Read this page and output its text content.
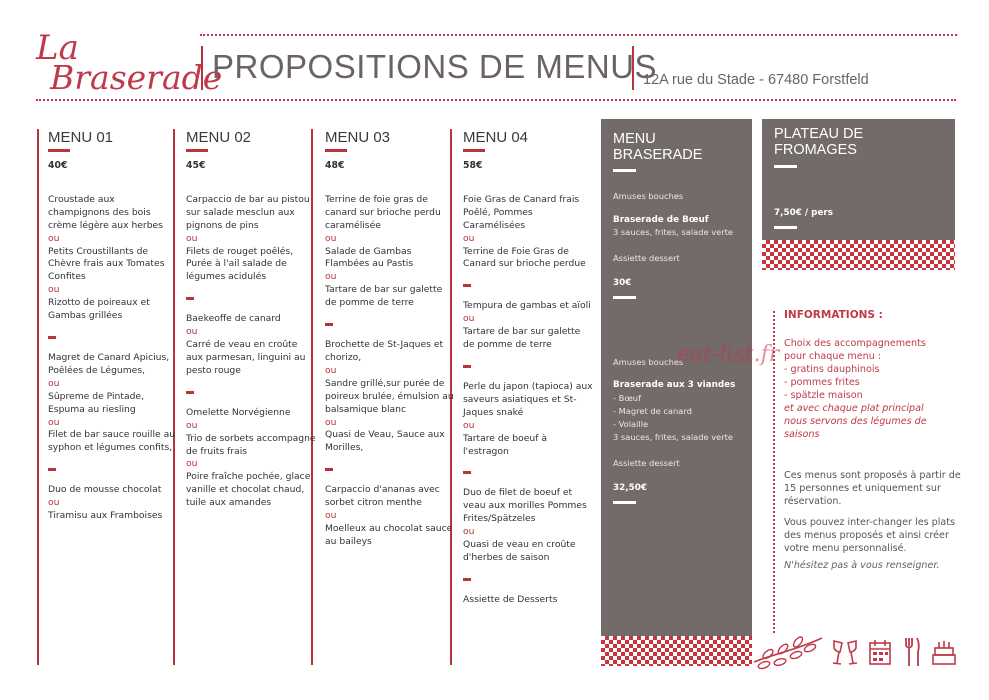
La
Braserade
PROPOSITIONS DE MENUS
12A rue du Stade - 67480 Forstfeld
MENU 01
40€
Croustade aux champignons des bois crème légère aux herbes
ou
Petits Croustillants de Chèvre frais aux Tomates Confites
ou
Rizotto de poireaux et Gambas grillées
Magret de Canard Apicius, Poêlées de Légumes,
ou
Sûpreme de Pintade, Espuma au riesling
ou
Filet de bar sauce rouille au syphon et légumes confits,
Duo de mousse chocolat
ou
Tiramisu aux Framboises
MENU 02
45€
Carpaccio de bar au pistou sur salade mesclun aux pignons de pins
ou
Filets de rouget poêlés, Purée à l'ail salade de légumes acidulés
Baekeoffe de canard
ou
Carré de veau en croûte aux parmesan, linguini au pesto rouge
Omelette Norvégienne
ou
Trio de sorbets accompagne de fruits frais
ou
Poire fraîche pochée, glace vanille et chocolat chaud, tuile aux amandes
MENU 03
48€
Terrine de foie gras de canard sur brioche perdu caramélisée
ou
Salade de Gambas Flambées au Pastis
ou
Tartare de bar sur galette de pomme de terre
Brochette de St-Jaques et chorizo,
ou
Sandre grillé,sur purée de poireux brulée, émulsion au balsamique blanc
ou
Quasi de Veau, Sauce aux Morilles,
Carpaccio d'ananas avec sorbet citron menthe
ou
Moelleux au chocolat sauce au baileys
MENU 04
58€
Foie Gras de Canard frais Poêlé, Pommes Caramélisées
ou
Terrine de Foie Gras de Canard sur brioche perdue
Tempura de gambas et aïoli
ou
Tartare de bar sur galette de pomme de terre
Perle du japon (tapioca) aux saveurs asiatiques et St-Jaques snaké
ou
Tartare de boeuf à l'estragon
Duo de filet de boeuf et veau aux morilles Pommes Frites/Spätzeles
ou
Quasi de veau en croûte d'herbes de saison
Assiette de Desserts
MENU
BRASERADE
Amuses bouches
Braserade de Bœuf
3 sauces, frites, salade verte
Assiette dessert
30€
Amuses bouches
Braserade aux 3 viandes
- Bœuf
- Magret de canard
- Volaille
3 sauces, frites, salade verte
Assiette dessert
32,50€
PLATEAU DE
FROMAGES
7,50€ / pers
INFORMATIONS :
Choix des accompagnements
pour chaque menu :
- gratins dauphinois
- pommes frites
- spätzle maison
et avec chaque plat principal
nous servons des légumes de saisons
Ces menus sont proposés à partir de 15 personnes et uniquement sur réservation.
Vous pouvez inter-changer les plats des menus proposés et ainsi créer votre menu personnalisé.
N'hésitez pas à vous renseigner.
eat-list.fr
